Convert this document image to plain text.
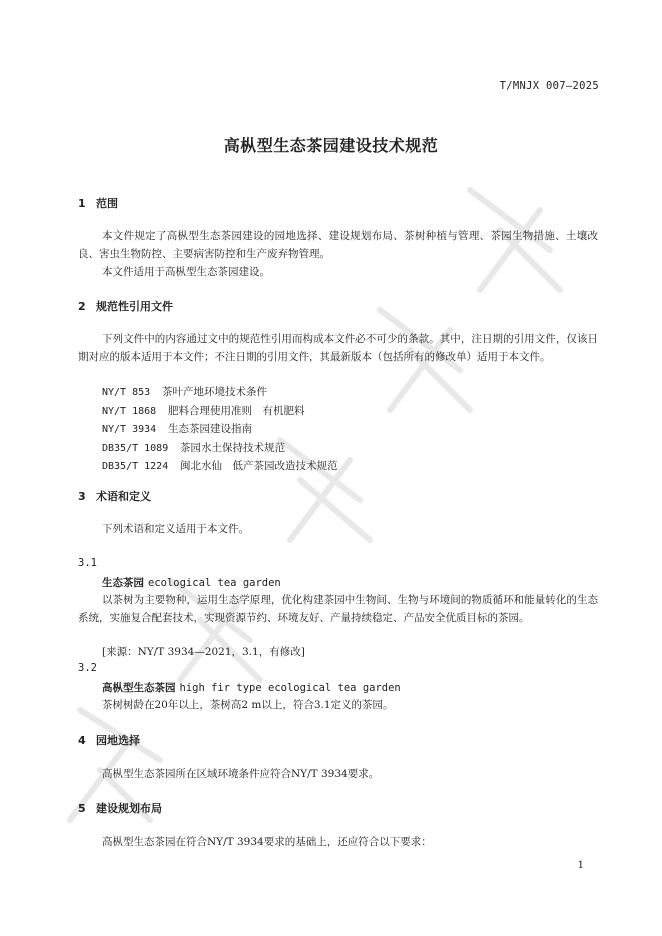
T/MNJX 007—2025
高枞型生态茶园建设技术规范
1 范围
本文件规定了高枞型生态茶园建设的园地选择、建设规划布局、茶树种植与管理、茶园生物措施、土壤改良、害虫生物防控、主要病害防控和生产废弃物管理。
本文件适用于高枞型生态茶园建设。
2 规范性引用文件
下列文件中的内容通过文中的规范性引用而构成本文件必不可少的条款。其中，注日期的引用文件，仅该日期对应的版本适用于本文件；不注日期的引用文件，其最新版本（包括所有的修改单）适用于本文件。
NY/T 853 茶叶产地环境技术条件
NY/T 1868 肥料合理使用准则　有机肥料
NY/T 3934 生态茶园建设指南
DB35/T 1089 茶园水土保持技术规范
DB35/T 1224 闽北水仙　低产茶园改造技术规范
3 术语和定义
下列术语和定义适用于本文件。
3.1
生态茶园 ecological tea garden
以茶树为主要物种，运用生态学原理，优化构建茶园中生物间、生物与环境间的物质循环和能量转化的生态系统，实施复合配套技术，实现资源节约、环境友好、产量持续稳定、产品安全优质目标的茶园。
[来源：NY/T 3934—2021，3.1，有修改]
3.2
高枞型生态茶园 high fir type ecological tea garden
茶树树龄在20年以上，茶树高2 m以上，符合3.1定义的茶园。
4 园地选择
高枞型生态茶园所在区域环境条件应符合NY/T 3934要求。
5 建设规划布局
高枞型生态茶园在符合NY/T 3934要求的基础上，还应符合以下要求：
1
